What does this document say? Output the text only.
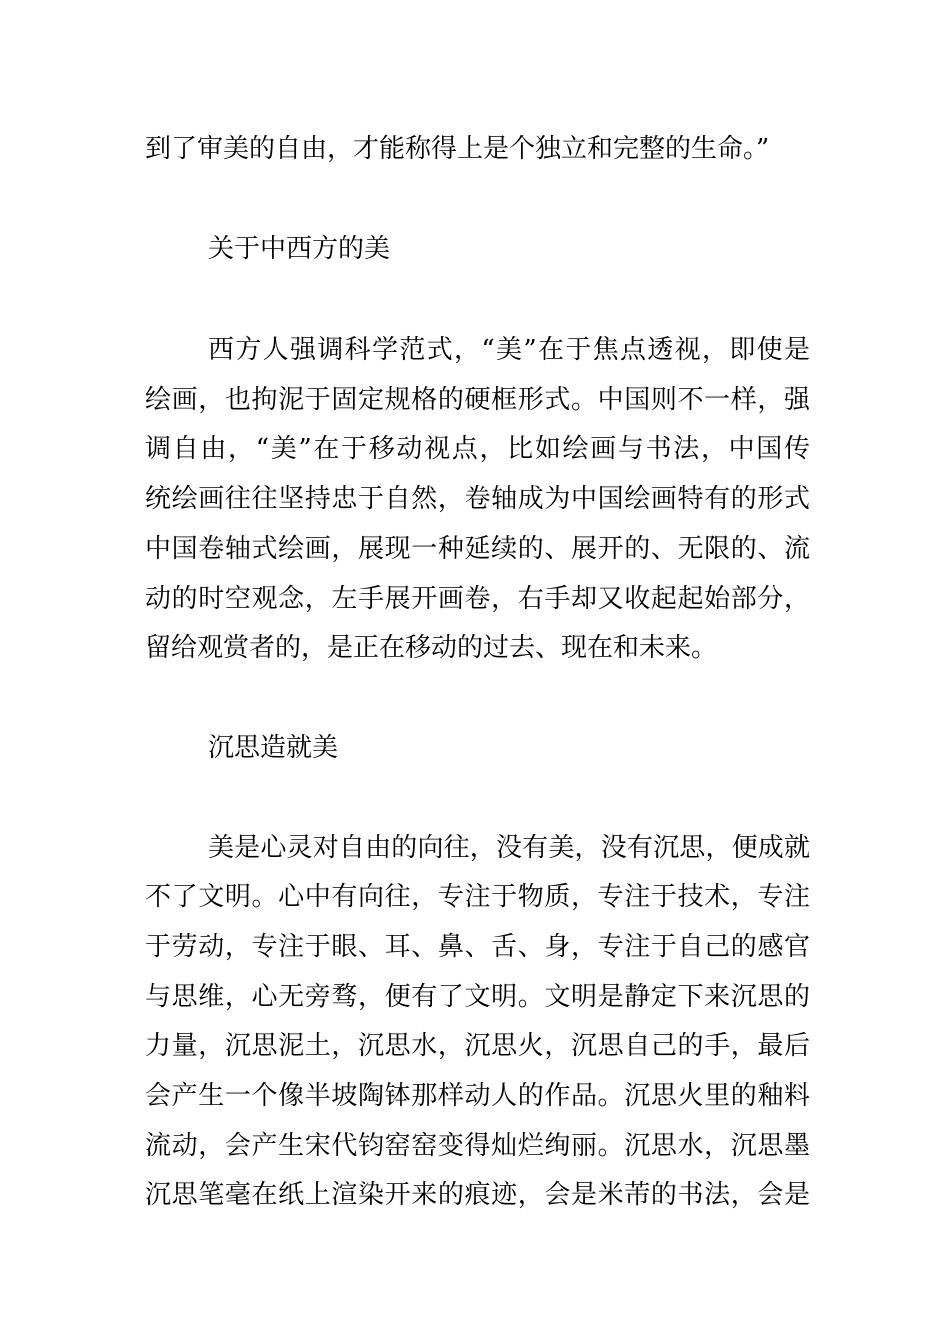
到了审美的自由，才能称得上是个独立和完整的生命。”
关于中西方的美
西方人强调科学范式，“美”在于焦点透视，即使是
绘画，也拘泥于固定规格的硬框形式。中国则不一样，强
调自由，“美”在于移动视点，比如绘画与书法，中国传
统绘画往往坚持忠于自然，卷轴成为中国绘画特有的形式
中国卷轴式绘画，展现一种延续的、展开的、无限的、流
动的时空观念，左手展开画卷，右手却又收起起始部分，
留给观赏者的，是正在移动的过去、现在和未来。
沉思造就美
美是心灵对自由的向往，没有美，没有沉思，便成就
不了文明。心中有向往，专注于物质，专注于技术，专注
于劳动，专注于眼、耳、鼻、舌、身，专注于自己的感官
与思维，心无旁骛，便有了文明。文明是静定下来沉思的
力量，沉思泥土，沉思水，沉思火，沉思自己的手，最后
会产生一个像半坡陶钵那样动人的作品。沉思火里的釉料
流动，会产生宋代钧窑窑变得灿烂绚丽。沉思水，沉思墨
沉思笔毫在纸上渲染开来的痕迹，会是米芾的书法，会是
